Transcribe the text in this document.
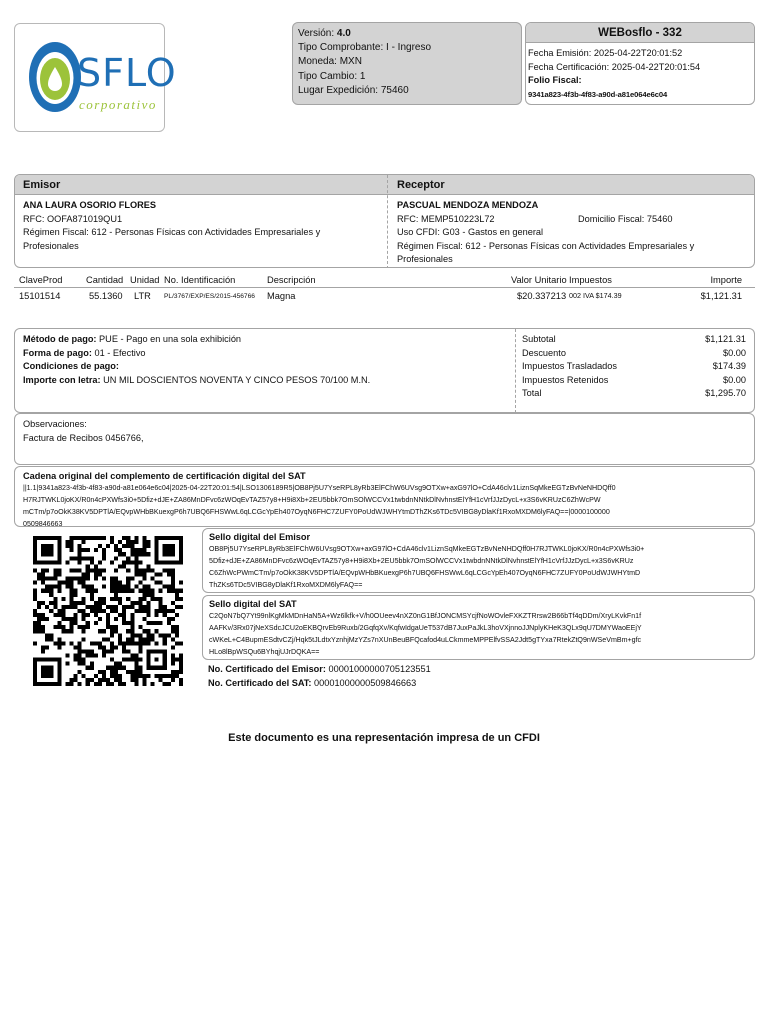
SFLO
corporativo
Versión: 4.0
Tipo Comprobante: I - Ingreso
Moneda: MXN
Tipo Cambio: 1
Lugar Expedición: 75460
WEBosflo - 332
Fecha Emisión: 2025-04-22T20:01:52
Fecha Certificación: 2025-04-22T20:01:54
Folio Fiscal:
9341a823-4f3b-4f83-a90d-a81e064e6c04
Emisor	Receptor
ANA LAURA OSORIO FLORES
RFC: OOFA871019QU1
Régimen Fiscal: 612 - Personas Físicas con Actividades Empresariales y
Profesionales
PASCUAL MENDOZA MENDOZA
RFC: MEMP510223L72	Domicilio Fiscal: 75460
Uso CFDI: G03 - Gastos en general
Régimen Fiscal: 612 - Personas Físicas con Actividades Empresariales y
Profesionales
ClaveProd	Cantidad Unidad No. Identificación	Descripción	Valor Unitario Impuestos	Importe
15101514	55.1360 LTR PL/3767/EXP/ES/2015-456766 Magna	$20.337213 002 IVA $174.39	$1,121.31
Método de pago: PUE - Pago en una sola exhibición
Forma de pago: 01 - Efectivo
Condiciones de pago:
Importe con letra: UN MIL DOSCIENTOS NOVENTA Y CINCO PESOS 70/100 M.N.
Subtotal	$1,121.31
Descuento	$0.00
Impuestos Trasladados	$174.39
Impuestos Retenidos	$0.00
Total	$1,295.70
Observaciones:
Factura de Recibos 0456766,
Cadena original del complemento de certificación digital del SAT
||1.1|9341a823-4f3b-4f83-a90d-a81e064e6c04|2025-04-22T20:01:54|LSO1306189R5|OB8Pj5U7YseRPL8yRb3ElFChW6UVsg9OTXw+axG97lO+CdA46clv1LiznSqMkeEGTzBvNeNHDQff0
H7RJTWKL0joKX/R0n4cPXWfs3i0+5Dfiz+dJE+ZA86MnDFvc6zWOqEvTAZ57y8+H9i8Xb+2EU5bbk7OmSOlWCCVx1twbdnNNtkDlNvhnstElYfH1cVrfJJzDycL+x3S6vKRUzC6ZhWcPW
mCTm/p7oOkK38KV5DPTlA/EQvpWHbBKuexgP6h7UBQ6FHSWwL6qLCGcYpEh407OyqN6FHC7ZUFY0PoUdWJWHYtmDThZKs6TDc5VIBG8yDlaKf1RxoMXDM6lyFAQ==|0000100000
0509846663
Sello digital del Emisor
OB8Pj5U7YseRPL8yRb3ElFChW6UVsg9OTXw+axG97lO+CdA46clv1LiznSqMkeEGTzBvNeNHDQff0H7RJTWKL0joKX/R0n4cPXWfs3i0+
5Dfiz+dJE+ZA86MnDFvc6zWOqEvTAZ57y8+H9i8Xb+2EU5bbk7OmSOlWCCVx1twbdnNNtkDlNvhnstElYfH1cVrfJJzDycL+x3S6vKRUz
C6ZhWcPWmCTm/p7oOkK38KV5DPTlA/EQvpWHbBKuexgP6h7UBQ6FHSWwL6qLCGcYpEh407OyqN6FHC7ZUFY0PoUdWJWHYtmD
ThZKs6TDc5VIBG8yDlaKf1RxoMXDM6lyFAQ==
Sello digital del SAT
C2QoN7bQ7Yt99nlKgMkMDnHaN5A+Wz6lkfk+V/h0OUeev4nXZ0nG1BfJONCMSYcjfNoWOvleFXKZTRrsw2B66bTf4qDDm/XryLKvkFn1f
AAFKv/3Rx07jNeXSdcJCU2oEKBQrvEb9Ruxb/2GqfqXv/KqfwIdgaUeT537dB7JuxPaJkL3hoVXjnnoJJNplyKHeK3QLx9qU7DMYWaoEEjY
cWKeL+C4BupmESdtvCZj/Hqk5tJLdtxYznhjMzYZs7nXUnBeuBFQcafod4uLCkmmeMPPElfvSSA2Jdt5gTYxa7RtekZtQ9nWSeVmBm+gfc
HLo8lBpWSQu6BYhqjUJrDQKA==
No. Certificado del Emisor: 00001000000705123551
No. Certificado del SAT: 00001000000509846663
Este documento es una representación impresa de un CFDI
